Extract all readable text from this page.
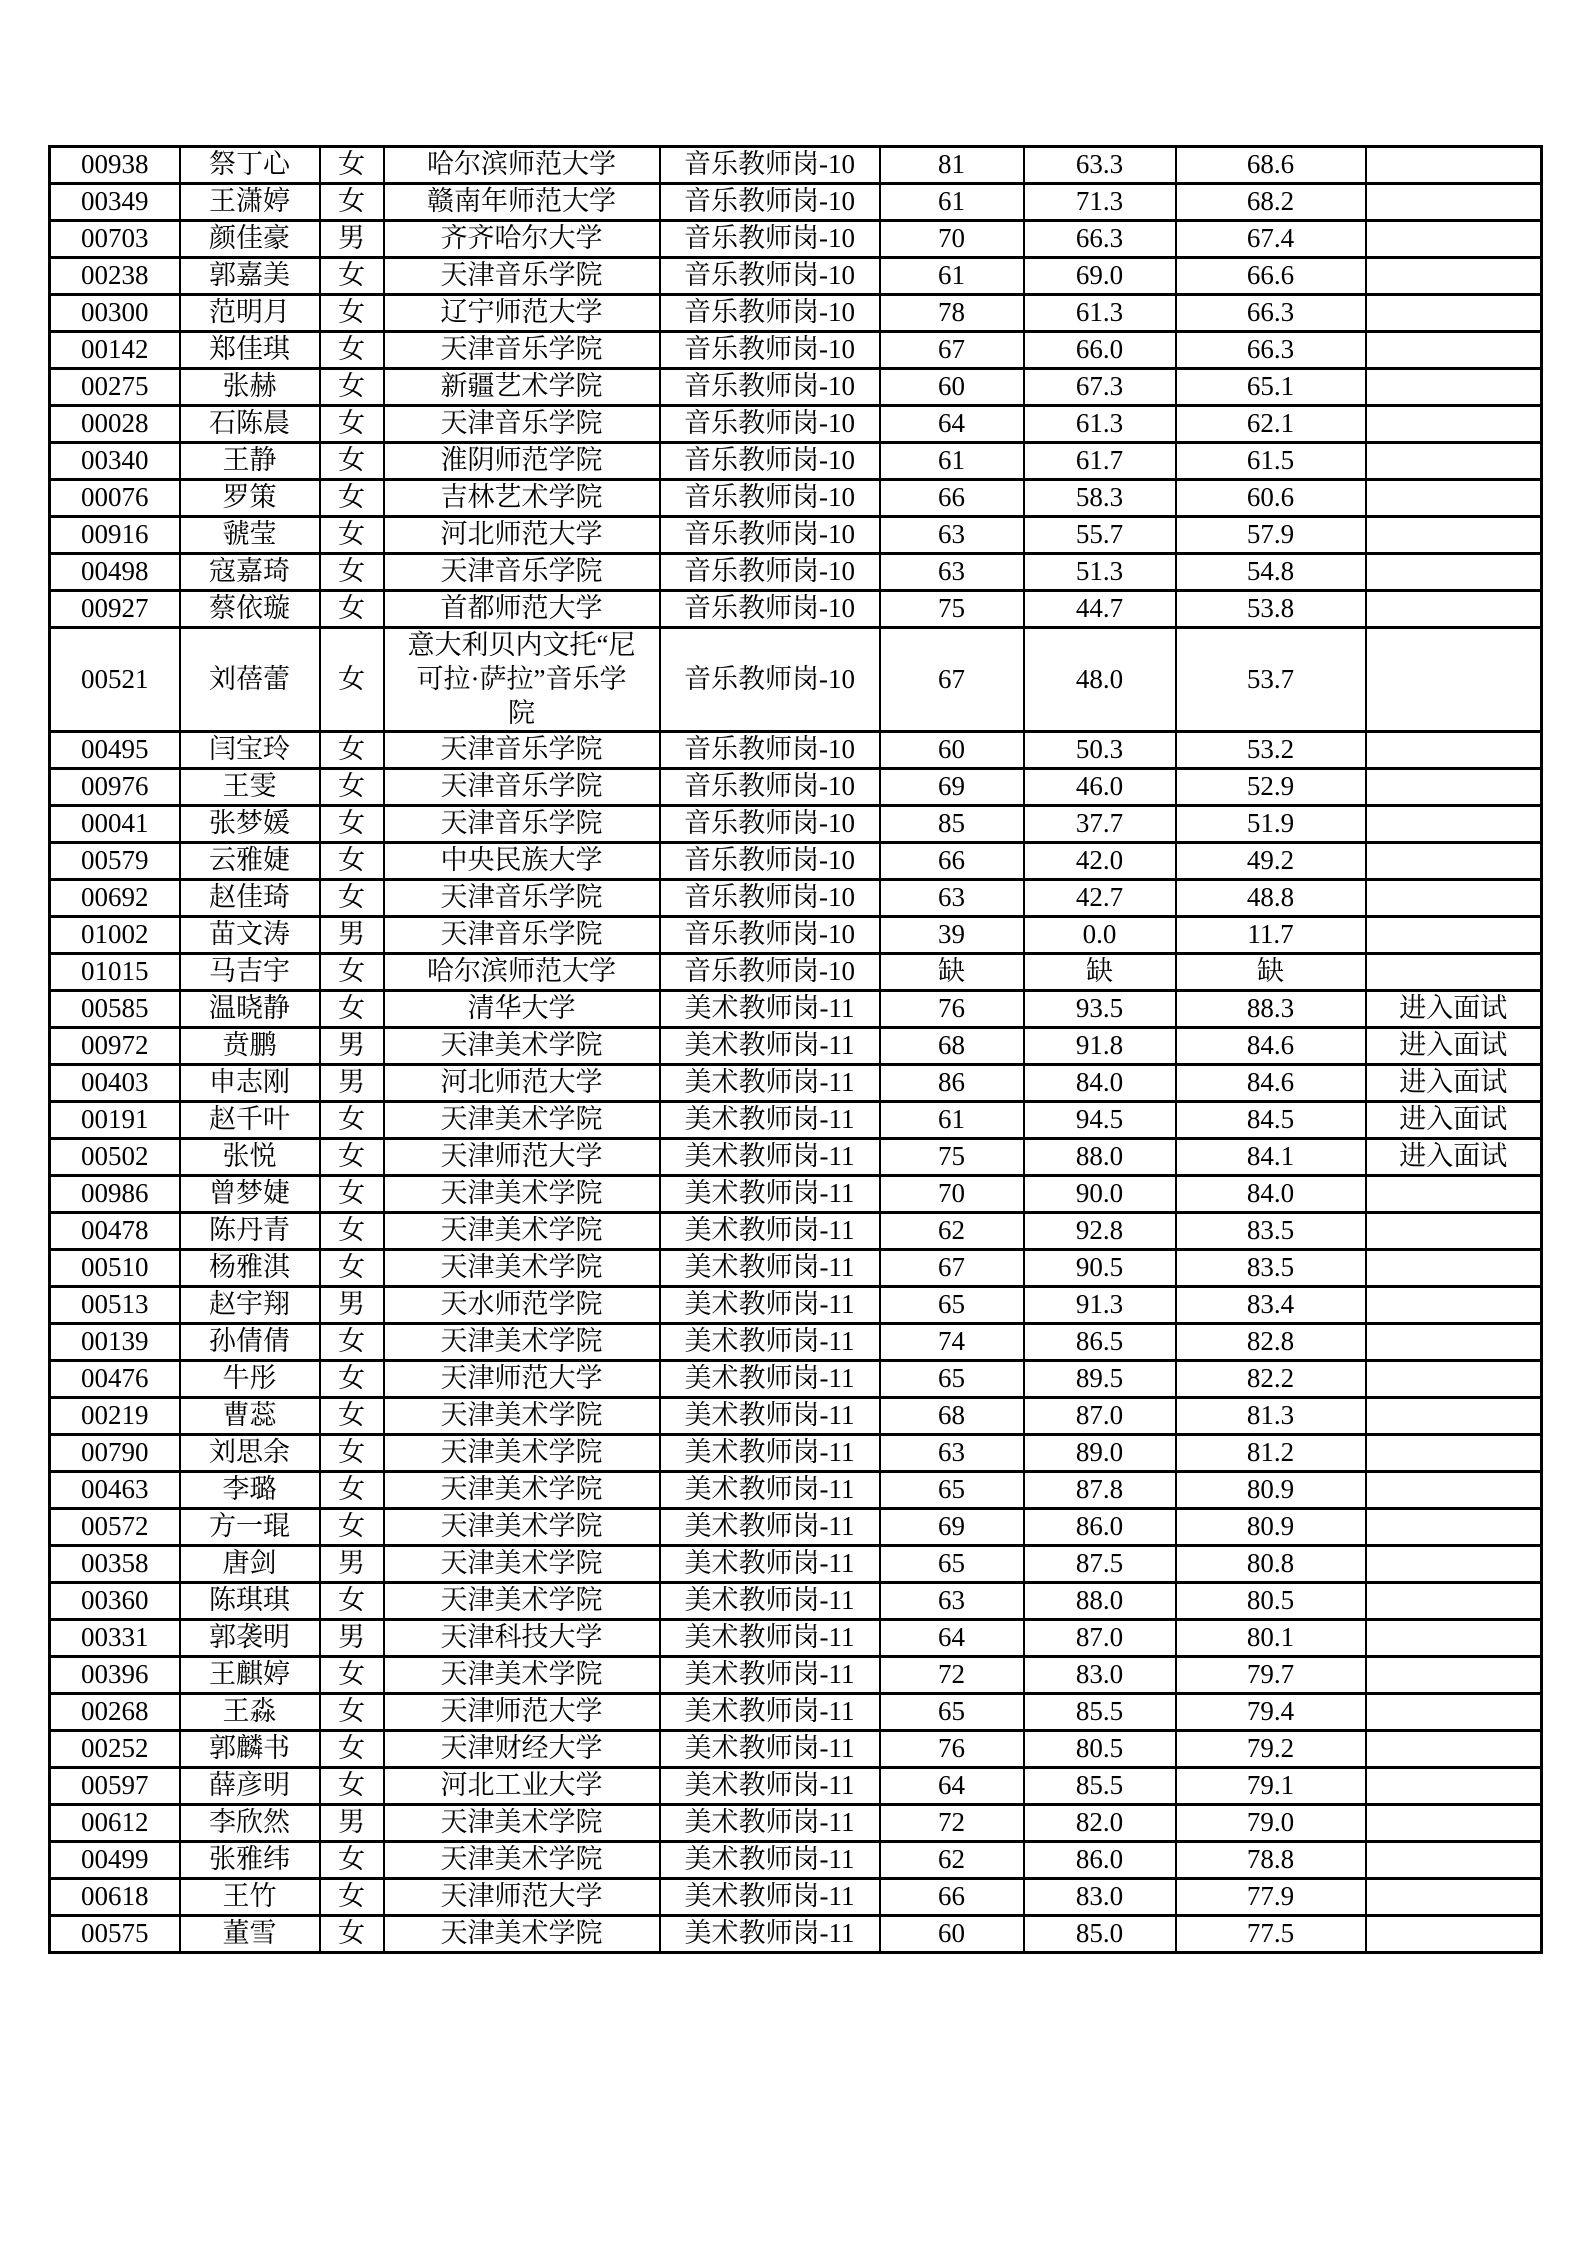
00938	祭丁心	女	哈尔滨师范大学	音乐教师岗-10	81	63.3	68.6	
00349	王潇婷	女	赣南年师范大学	音乐教师岗-10	61	71.3	68.2	
00703	颜佳豪	男	齐齐哈尔大学	音乐教师岗-10	70	66.3	67.4	
00238	郭嘉美	女	天津音乐学院	音乐教师岗-10	61	69.0	66.6	
00300	范明月	女	辽宁师范大学	音乐教师岗-10	78	61.3	66.3	
00142	郑佳琪	女	天津音乐学院	音乐教师岗-10	67	66.0	66.3	
00275	张赫	女	新疆艺术学院	音乐教师岗-10	60	67.3	65.1	
00028	石陈晨	女	天津音乐学院	音乐教师岗-10	64	61.3	62.1	
00340	王静	女	淮阴师范学院	音乐教师岗-10	61	61.7	61.5	
00076	罗策	女	吉林艺术学院	音乐教师岗-10	66	58.3	60.6	
00916	虢莹	女	河北师范大学	音乐教师岗-10	63	55.7	57.9	
00498	寇嘉琦	女	天津音乐学院	音乐教师岗-10	63	51.3	54.8	
00927	蔡依璇	女	首都师范大学	音乐教师岗-10	75	44.7	53.8	
00521	刘蓓蕾	女	意大利贝内文托“尼可拉·萨拉”音乐学院	音乐教师岗-10	67	48.0	53.7	
00495	闫宝玲	女	天津音乐学院	音乐教师岗-10	60	50.3	53.2	
00976	王雯	女	天津音乐学院	音乐教师岗-10	69	46.0	52.9	
00041	张梦媛	女	天津音乐学院	音乐教师岗-10	85	37.7	51.9	
00579	云雅婕	女	中央民族大学	音乐教师岗-10	66	42.0	49.2	
00692	赵佳琦	女	天津音乐学院	音乐教师岗-10	63	42.7	48.8	
01002	苗文涛	男	天津音乐学院	音乐教师岗-10	39	0.0	11.7	
01015	马吉宇	女	哈尔滨师范大学	音乐教师岗-10	缺	缺	缺	
00585	温晓静	女	清华大学	美术教师岗-11	76	93.5	88.3	进入面试
00972	贲鹏	男	天津美术学院	美术教师岗-11	68	91.8	84.6	进入面试
00403	申志刚	男	河北师范大学	美术教师岗-11	86	84.0	84.6	进入面试
00191	赵千叶	女	天津美术学院	美术教师岗-11	61	94.5	84.5	进入面试
00502	张悦	女	天津师范大学	美术教师岗-11	75	88.0	84.1	进入面试
00986	曾梦婕	女	天津美术学院	美术教师岗-11	70	90.0	84.0	
00478	陈丹青	女	天津美术学院	美术教师岗-11	62	92.8	83.5	
00510	杨雅淇	女	天津美术学院	美术教师岗-11	67	90.5	83.5	
00513	赵宇翔	男	天水师范学院	美术教师岗-11	65	91.3	83.4	
00139	孙倩倩	女	天津美术学院	美术教师岗-11	74	86.5	82.8	
00476	牛彤	女	天津师范大学	美术教师岗-11	65	89.5	82.2	
00219	曹蕊	女	天津美术学院	美术教师岗-11	68	87.0	81.3	
00790	刘思余	女	天津美术学院	美术教师岗-11	63	89.0	81.2	
00463	李璐	女	天津美术学院	美术教师岗-11	65	87.8	80.9	
00572	方一琨	女	天津美术学院	美术教师岗-11	69	86.0	80.9	
00358	唐剑	男	天津美术学院	美术教师岗-11	65	87.5	80.8	
00360	陈琪琪	女	天津美术学院	美术教师岗-11	63	88.0	80.5	
00331	郭袭明	男	天津科技大学	美术教师岗-11	64	87.0	80.1	
00396	王麒婷	女	天津美术学院	美术教师岗-11	72	83.0	79.7	
00268	王淼	女	天津师范大学	美术教师岗-11	65	85.5	79.4	
00252	郭麟书	女	天津财经大学	美术教师岗-11	76	80.5	79.2	
00597	薛彦明	女	河北工业大学	美术教师岗-11	64	85.5	79.1	
00612	李欣然	男	天津美术学院	美术教师岗-11	72	82.0	79.0	
00499	张雅纬	女	天津美术学院	美术教师岗-11	62	86.0	78.8	
00618	王竹	女	天津师范大学	美术教师岗-11	66	83.0	77.9	
00575	董雪	女	天津美术学院	美术教师岗-11	60	85.0	77.5	
